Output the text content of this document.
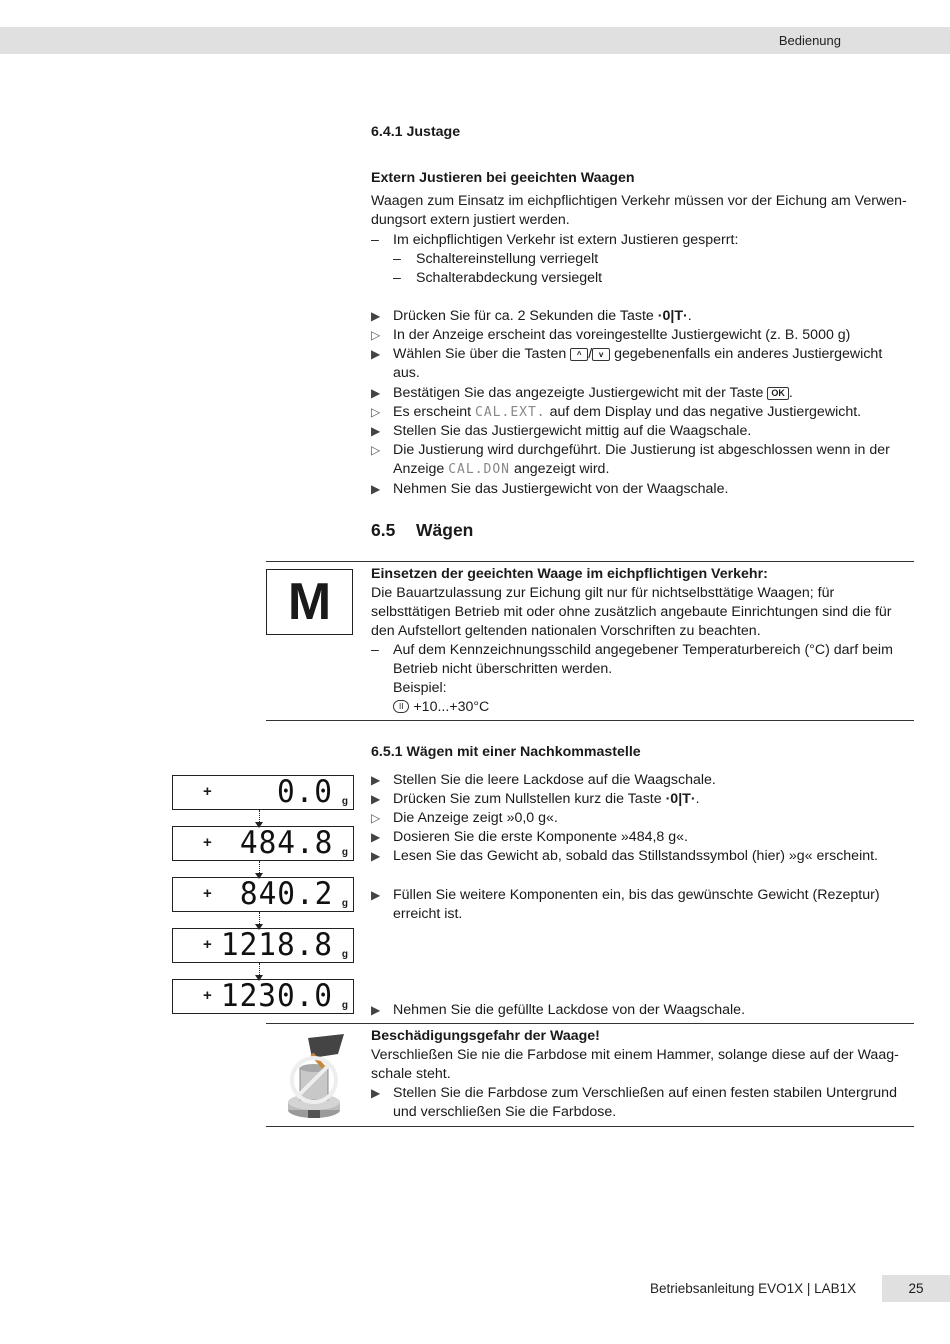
Bedienung
6.4.1 Justage
Extern Justieren bei geeichten Waagen
Waagen zum Einsatz im eichpflichtigen Verkehr müssen vor der Eichung am Verwen-
dungsort extern justiert werden.
– Im eichpflichtigen Verkehr ist extern Justieren gesperrt:
– Schaltereinstellung verriegelt
– Schalterabdeckung versiegelt
▶ Drücken Sie für ca. 2 Sekunden die Taste ·0|T·.
▷ In der Anzeige erscheint das voreingestellte Justiergewicht (z. B. 5000 g)
▶ Wählen Sie über die Tasten ^ / v gegebenenfalls ein anderes Justiergewicht
aus.
▶ Bestätigen Sie das angezeigte Justiergewicht mit der Taste OK .
▷ Es erscheint CAL.EXT. auf dem Display und das negative Justiergewicht.
▶ Stellen Sie das Justiergewicht mittig auf die Waagschale.
▷ Die Justierung wird durchgeführt. Die Justierung ist abgeschlossen wenn in der
Anzeige CAL.DON angezeigt wird.
▶ Nehmen Sie das Justiergewicht von der Waagschale.
6.5 Wägen
M	Einsetzen der geeichten Waage im eichpflichtigen Verkehr:
Die Bauartzulassung zur Eichung gilt nur für nichtselbsttätige Waagen; für
selbsttätigen Betrieb mit oder ohne zusätzlich angebaute Einrichtungen sind die für
den Aufstellort geltenden nationalen Vorschriften zu beachten.
– Auf dem Kennzeichnungsschild angegebener Temperaturbereich (°C) darf beim
Betrieb nicht überschritten werden.
Beispiel:
II +10...+30°C
6.5.1 Wägen mit einer Nachkommastelle
▶ Stellen Sie die leere Lackdose auf die Waagschale.
▶ Drücken Sie zum Nullstellen kurz die Taste ·0|T·.
▷ Die Anzeige zeigt »0,0 g«.
▶ Dosieren Sie die erste Komponente »484,8 g«.
▶ Lesen Sie das Gewicht ab, sobald das Stillstandssymbol (hier) »g« erscheint.
▶ Füllen Sie weitere Komponenten ein, bis das gewünschte Gewicht (Rezeptur)
erreicht ist.
▶ Nehmen Sie die gefüllte Lackdose von der Waagschale.
+ 0.0 g
+ 484.8 g
+ 840.2 g
+ 1218.8 g
+ 1230.0 g
Beschädigungsgefahr der Waage!
Verschließen Sie nie die Farbdose mit einem Hammer, solange diese auf der Waag-
schale steht.
▶ Stellen Sie die Farbdose zum Verschließen auf einen festen stabilen Untergrund
und verschließen Sie die Farbdose.
Betriebsanleitung EVO1X | LAB1X	25
